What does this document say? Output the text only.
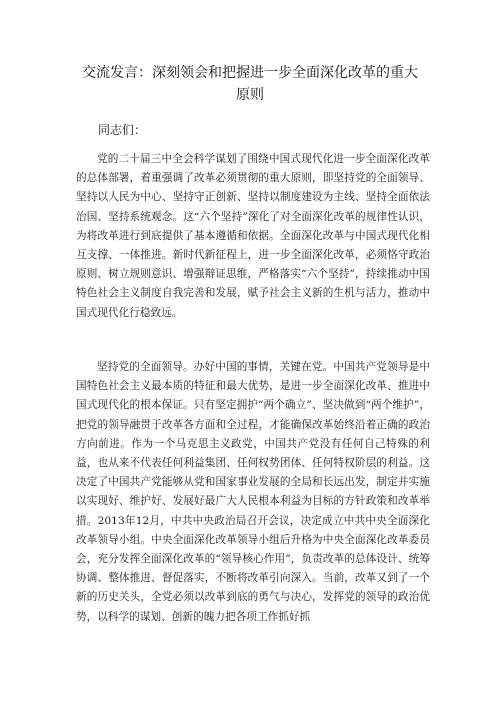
交流发言：深刻领会和把握进一步全面深化改革的重大原则

同志们：

党的二十届三中全会科学谋划了围绕中国式现代化进一步全面深化改革的总体部署，着重强调了改革必须贯彻的重大原则，即坚持党的全面领导、坚持以人民为中心、坚持守正创新、坚持以制度建设为主线、坚持全面依法治国、坚持系统观念。这“六个坚持”深化了对全面深化改革的规律性认识，为将改革进行到底提供了基本遵循和依据。全面深化改革与中国式现代化相互支撑、一体推进。新时代新征程上，进一步全面深化改革，必须恪守政治原则、树立规则意识、增强辩证思维，严格落实“六个坚持”，持续推动中国特色社会主义制度自我完善和发展，赋予社会主义新的生机与活力，推动中国式现代化行稳致远。

坚持党的全面领导。办好中国的事情，关键在党。中国共产党领导是中国特色社会主义最本质的特征和最大优势，是进一步全面深化改革、推进中国式现代化的根本保证。只有坚定拥护“两个确立”、坚决做到“两个维护”，把党的领导融贯于改革各方面和全过程，才能确保改革始终沿着正确的政治方向前进。作为一个马克思主义政党，中国共产党没有任何自己特殊的利益，也从来不代表任何利益集团、任何权势团体、任何特权阶层的利益。这决定了中国共产党能够从党和国家事业发展的全局和长远出发，制定并实施以实现好、维护好、发展好最广大人民根本利益为目标的方针政策和改革举措。2013年12月，中共中央政治局召开会议，决定成立中共中央全面深化改革领导小组。中央全面深化改革领导小组后升格为中央全面深化改革委员会，充分发挥全面深化改革的“领导核心作用”，负责改革的总体设计、统筹协调、整体推进、督促落实，不断将改革引向深入。当前，改革又到了一个新的历史关头，全党必须以改革到底的勇气与决心，发挥党的领导的政治优势，以科学的谋划、创新的魄力把各项工作抓好抓
